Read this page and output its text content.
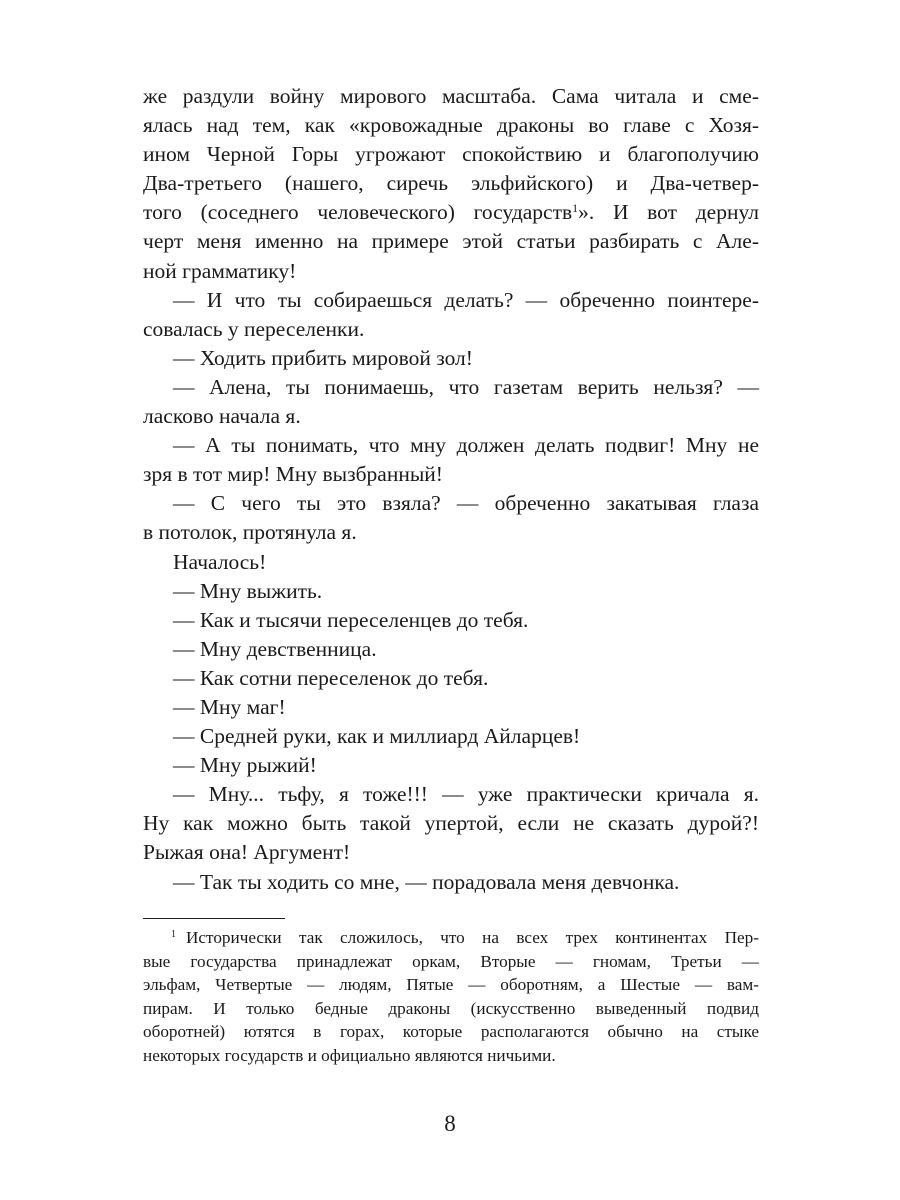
же раздули войну мирового масштаба. Сама читала и сме-
ялась над тем, как «кровожадные драконы во главе с Хозя-
ином Черной Горы угрожают спокойствию и благополучию
Два-третьего (нашего, сиречь эльфийского) и Два-четвер-
того (соседнего человеческого) государств$^1$». И вот дернул
черт меня именно на примере этой статьи разбирать с Але-
ной грамматику!
— И что ты собираешься делать? — обреченно поинтере-
совалась у переселенки.
— Ходить прибить мировой зол!
— Алена, ты понимаешь, что газетам верить нельзя? —
ласково начала я.
— А ты понимать, что мну должен делать подвиг! Мну не
зря в тот мир! Мну вызбранный!
— С чего ты это взяла? — обреченно закатывая глаза
в потолок, протянула я.
Началось!
— Мну выжить.
— Как и тысячи переселенцев до тебя.
— Мну девственница.
— Как сотни переселенок до тебя.
— Мну маг!
— Средней руки, как и миллиард Айларцев!
— Мну рыжий!
— Мну... тьфу, я тоже!!! — уже практически кричала я.
Ну как можно быть такой упертой, если не сказать дурой?!
Рыжая она! Аргумент!
— Так ты ходить со мне, — порадовала меня девчонка.
$^1$ Исторически так сложилось, что на всех трех континентах Пер-
вые государства принадлежат оркам, Вторые — гномам, Третьи —
эльфам, Четвертые — людям, Пятые — оборотням, а Шестые — вам-
пирам. И только бедные драконы (искусственно выведенный подвид
оборотней) ютятся в горах, которые располагаются обычно на стыке
некоторых государств и официально являются ничьими.
8
